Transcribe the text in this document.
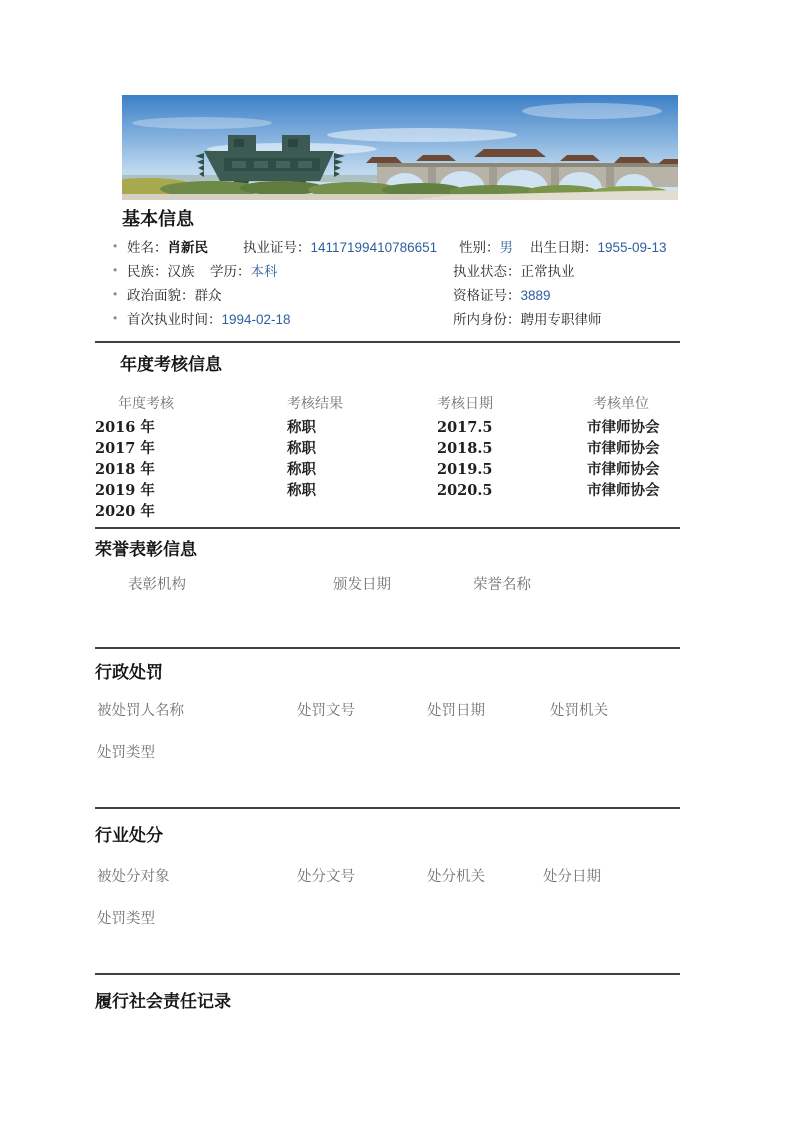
基本信息
• 姓名：肖新民	执业证号：14117199410786651 性别：男 出生日期：1955-09-13
• 民族：汉族 学历：本科	执业状态：正常执业
• 政治面貌：群众	资格证号：3889
• 首次执业时间：1994-02-18	所内身份：聘用专职律师
年度考核信息
年度考核	考核结果	考核日期	考核单位
2016 年	称职	2017.5	市律师协会
2017 年	称职	2018.5	市律师协会
2018 年	称职	2019.5	市律师协会
2019 年	称职	2020.5	市律师协会
2020 年
荣誉表彰信息
表彰机构	颁发日期	荣誉名称
行政处罚
被处罚人名称	处罚文号	处罚日期	处罚机关
处罚类型
行业处分
被处分对象	处分文号	处分机关	处分日期
处罚类型
履行社会责任记录
